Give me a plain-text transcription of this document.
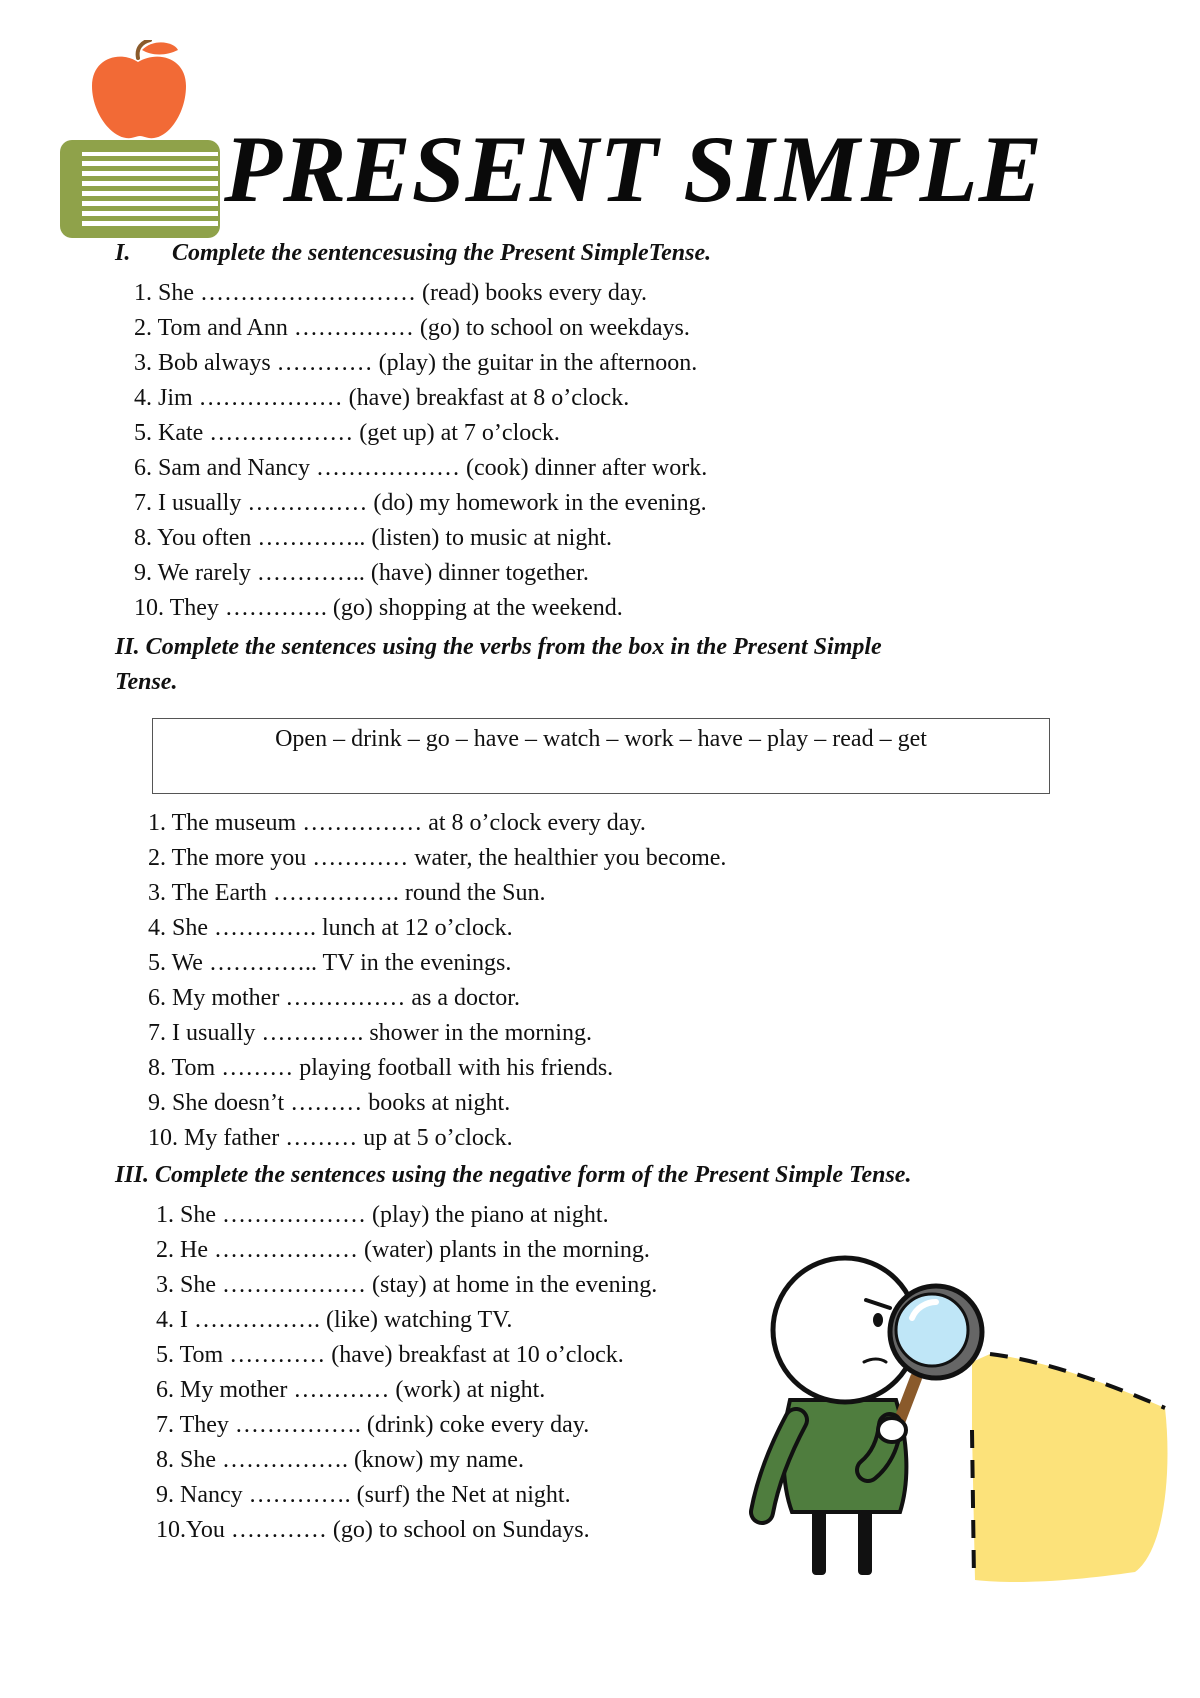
PRESENT SIMPLE
I. Complete the sentencesusing the Present SimpleTense.
1. She ……………………… (read) books every day.
2. Tom and Ann …………… (go) to school on weekdays.
3. Bob always ………… (play) the guitar in the afternoon.
4. Jim ……………… (have) breakfast at 8 o’clock.
5. Kate ……………… (get up) at 7 o’clock.
6. Sam and Nancy ……………… (cook) dinner after work.
7. I usually …………… (do) my homework in the evening.
8. You often ………….. (listen) to music at night.
9. We rarely ………….. (have) dinner together.
10. They …………. (go) shopping at the weekend.
II. Complete the sentences using the verbs from the box in the Present Simple
Tense.
Open – drink – go – have – watch – work – have – play – read – get
1. The museum …………… at 8 o’clock every day.
2. The more you ………… water, the healthier you become.
3. The Earth ……………. round the Sun.
4. She …………. lunch at 12 o’clock.
5. We ………….. TV in the evenings.
6. My mother …………… as a doctor.
7. I usually …………. shower in the morning.
8. Tom ……… playing football with his friends.
9. She doesn’t ……… books at night.
10. My father ……… up at 5 o’clock.
III. Complete the sentences using the negative form of the Present Simple Tense.
1. She ……………… (play) the piano at night.
2. He ……………… (water) plants in the morning.
3. She ……………… (stay) at home in the evening.
4. I ……………. (like) watching TV.
5. Tom ………… (have) breakfast at 10 o’clock.
6. My mother ………… (work) at night.
7. They ……………. (drink) coke every day.
8. She ……………. (know) my name.
9. Nancy …………. (surf) the Net at night.
10.You ………… (go) to school on Sundays.
